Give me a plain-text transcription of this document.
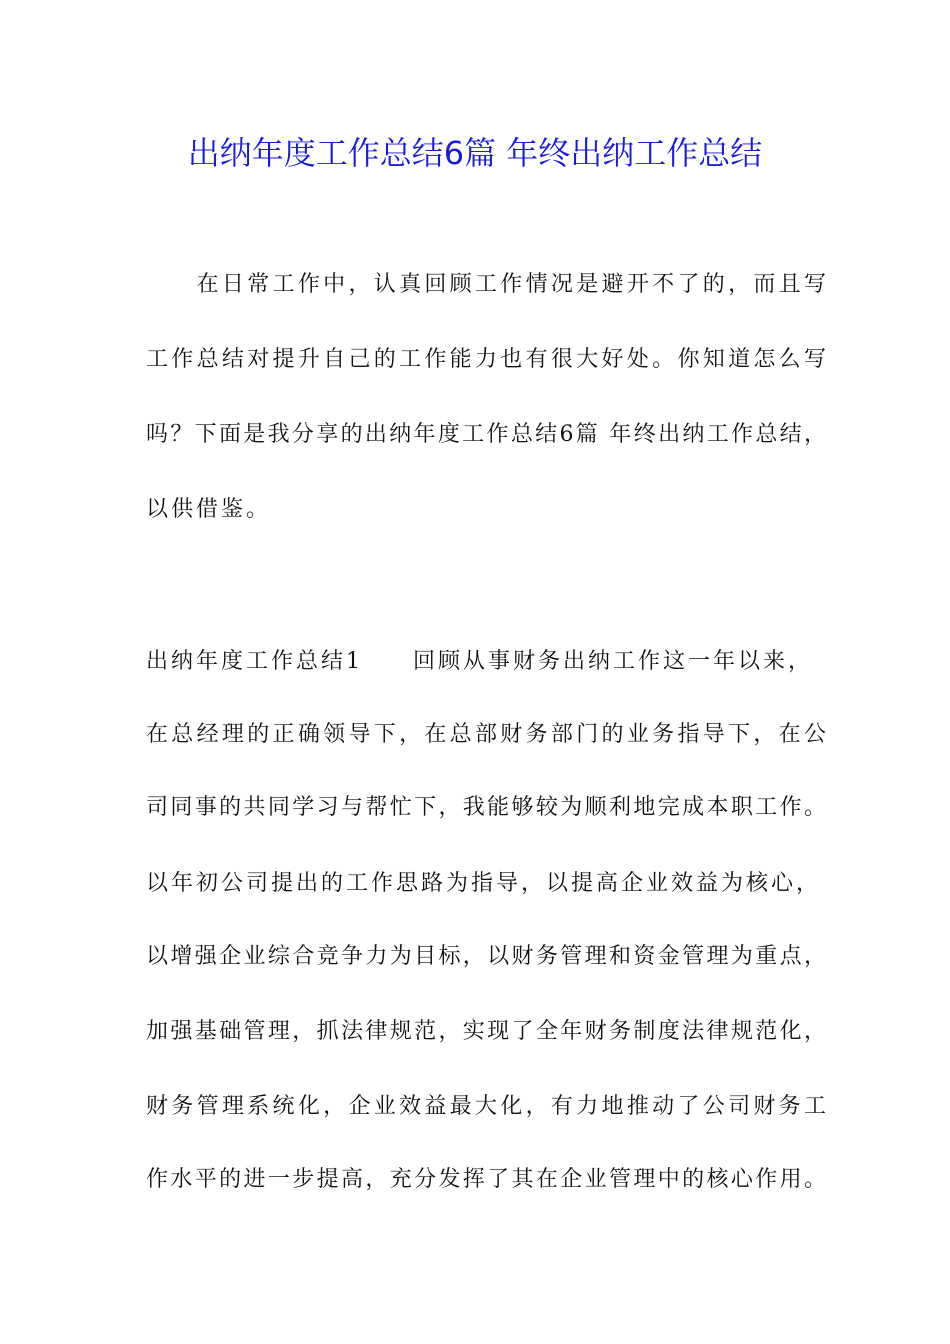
出纳年度工作总结6篇 年终出纳工作总结
　　在日常工作中，认真回顾工作情况是避开不了的，而且写
工作总结对提升自己的工作能力也有很大好处。你知道怎么写
吗？下面是我分享的出纳年度工作总结6篇 年终出纳工作总结，
以供借鉴。
出纳年度工作总结1　　回顾从事财务出纳工作这一年以来，
在总经理的正确领导下，在总部财务部门的业务指导下，在公
司同事的共同学习与帮忙下，我能够较为顺利地完成本职工作。
以年初公司提出的工作思路为指导，以提高企业效益为核心，
以增强企业综合竞争力为目标，以财务管理和资金管理为重点，
加强基础管理，抓法律规范，实现了全年财务制度法律规范化，
财务管理系统化，企业效益最大化，有力地推动了公司财务工
作水平的进一步提高，充分发挥了其在企业管理中的核心作用。
